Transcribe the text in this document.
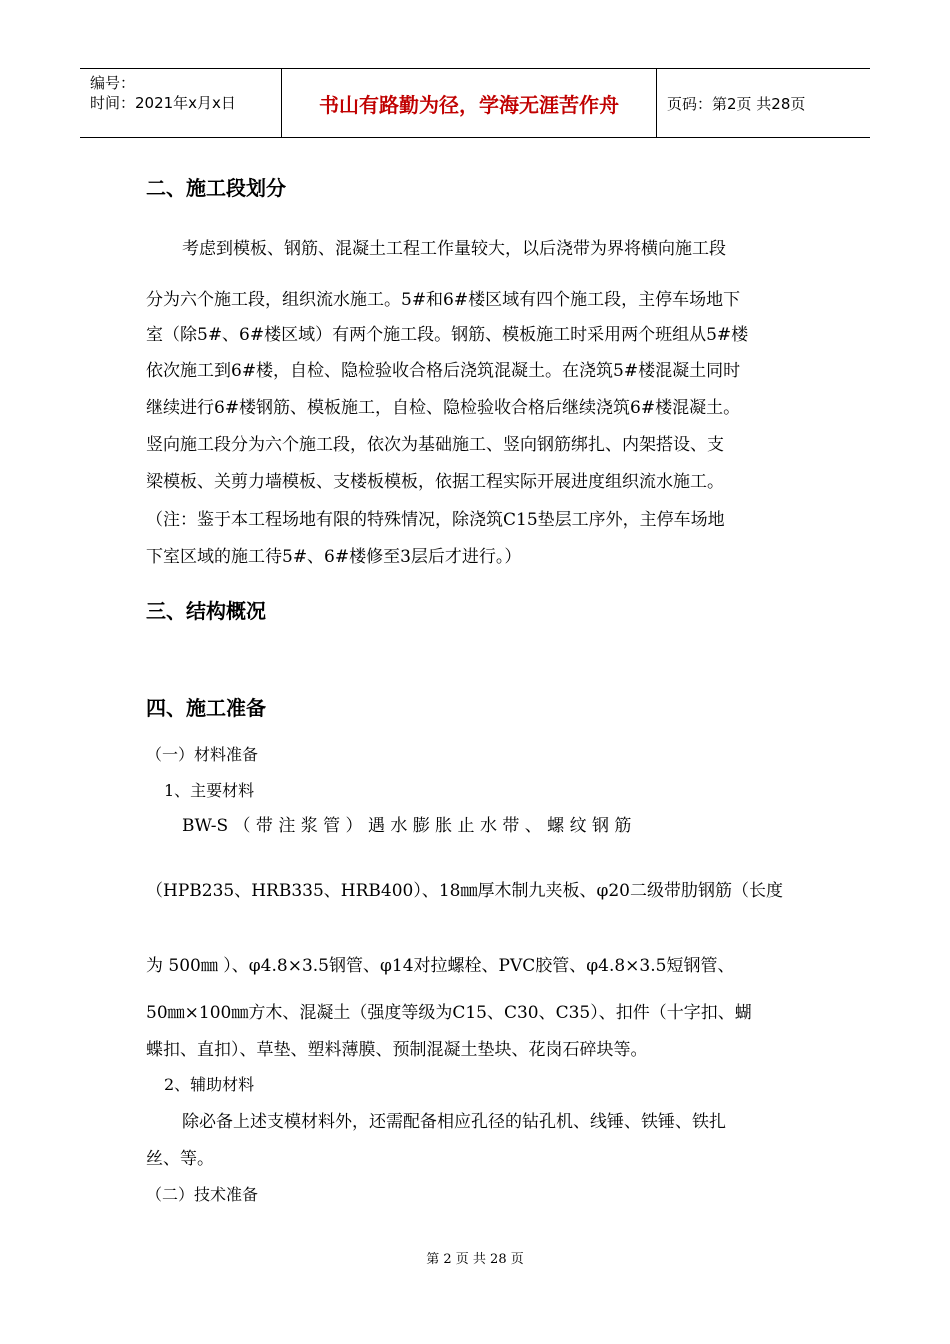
编号：
时间：2021年x月x日	书山有路勤为径，学海无涯苦作舟	页码：第2页 共28页
二、施工段划分
考虑到模板、钢筋、混凝土工程工作量较大，以后浇带为界将横向施工段
分为六个施工段，组织流水施工。5#和6#楼区域有四个施工段，主停车场地下
室（除5#、6#楼区域）有两个施工段。钢筋、模板施工时采用两个班组从5#楼
依次施工到6#楼，自检、隐检验收合格后浇筑混凝土。在浇筑5#楼混凝土同时
继续进行6#楼钢筋、模板施工，自检、隐检验收合格后继续浇筑6#楼混凝土。
竖向施工段分为六个施工段，依次为基础施工、竖向钢筋绑扎、内架搭设、支
梁模板、关剪力墙模板、支楼板模板，依据工程实际开展进度组织流水施工。
（注：鉴于本工程场地有限的特殊情况，除浇筑C15垫层工序外，主停车场地
下室区域的施工待5#、6#楼修至3层后才进行。）
三、结构概况
四、施工准备
（一）材料准备
1、主要材料
BW-S （ 带 注 浆 管 ） 遇 水 膨 胀 止 水 带 、 螺 纹 钢 筋
（HPB235、HRB335、HRB400）、18㎜厚木制九夹板、φ20二级带肋钢筋（长度
为 500㎜ ）、φ4.8×3.5钢管、φ14对拉螺栓、PVC胶管、φ4.8×3.5短钢管、
50㎜×100㎜方木、混凝土（强度等级为C15、C30、C35）、扣件（十字扣、蝴
蝶扣、直扣）、草垫、塑料薄膜、预制混凝土垫块、花岗石碎块等。
2、辅助材料
除必备上述支模材料外，还需配备相应孔径的钻孔机、线锤、铁锤、铁扎
丝、等。
（二）技术准备
第 2 页 共 28 页
